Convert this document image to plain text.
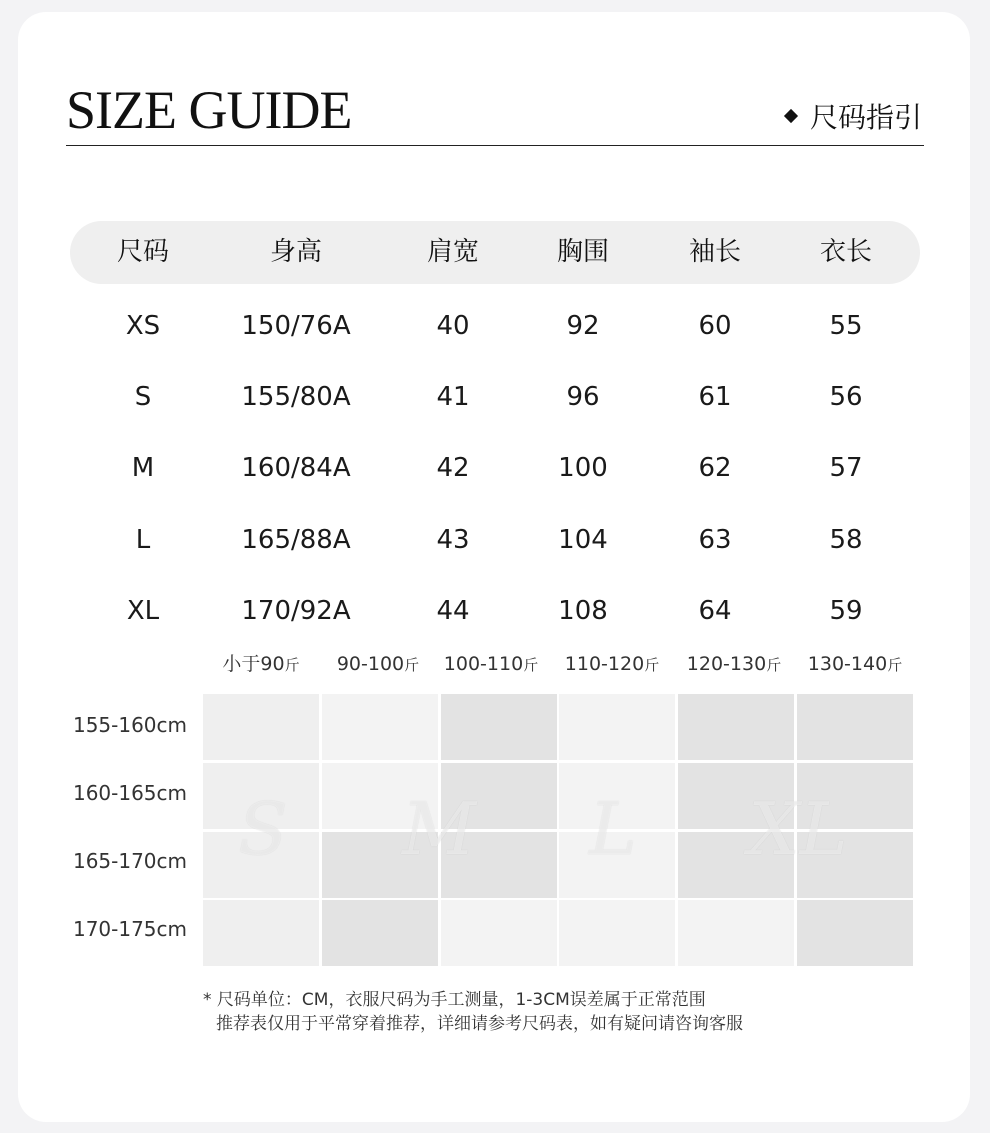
SIZE GUIDE	尺码指引
尺码	身高	肩宽	胸围	袖长	衣长
XS	150/76A	40	92	60	55
S	155/80A	41	96	61	56
M	160/84A	42	100	62	57
L	165/88A	43	104	63	58
XL	170/92A	44	108	64	59
小于90斤 90-100斤 100-110斤 110-120斤 120-130斤 130-140斤
155-160cm
160-165cm
165-170cm
170-175cm
S M L XL
* 尺码单位：CM，衣服尺码为手工测量，1-3CM误差属于正常范围
推荐表仅用于平常穿着推荐，详细请参考尺码表，如有疑问请咨询客服
